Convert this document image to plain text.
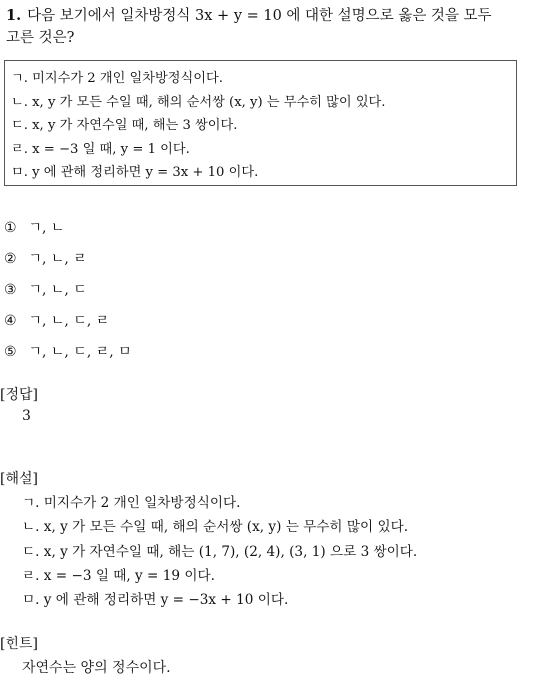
1. 다음 보기에서 일차방정식 3x + y = 10 에 대한 설명으로 옳은 것을 모두
고른 것은?
ㄱ. 미지수가 2 개인 일차방정식이다.
ㄴ. x, y 가 모든 수일 때, 해의 순서쌍 (x, y) 는 무수히 많이 있다.
ㄷ. x, y 가 자연수일 때, 해는 3 쌍이다.
ㄹ. x = −3 일 때, y = 1 이다.
ㅁ. y 에 관해 정리하면 y = 3x + 10 이다.
① ㄱ, ㄴ
② ㄱ, ㄴ, ㄹ
③ ㄱ, ㄴ, ㄷ
④ ㄱ, ㄴ, ㄷ, ㄹ
⑤ ㄱ, ㄴ, ㄷ, ㄹ, ㅁ
[정답]
3
[해설]
ㄱ. 미지수가 2 개인 일차방정식이다.
ㄴ. x, y 가 모든 수일 때, 해의 순서쌍 (x, y) 는 무수히 많이 있다.
ㄷ. x, y 가 자연수일 때, 해는 (1, 7), (2, 4), (3, 1) 으로 3 쌍이다.
ㄹ. x = −3 일 때, y = 19 이다.
ㅁ. y 에 관해 정리하면 y = −3x + 10 이다.
[힌트]
자연수는 양의 정수이다.
